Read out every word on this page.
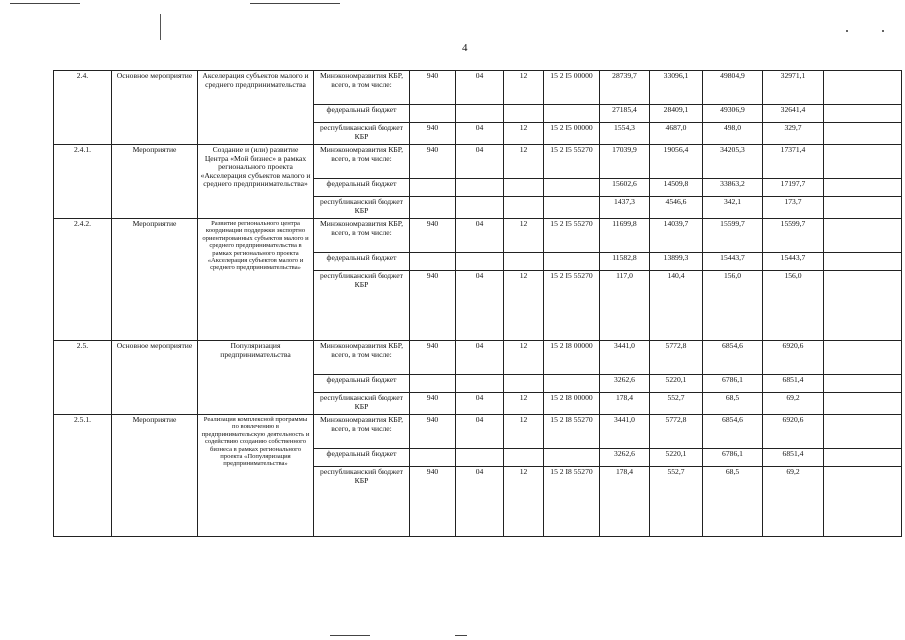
4
2.4.	Основное мероприятие	Акселерация субъектов малого и среднего предпринимательства	Минэкономразвития КБР, всего, в том числе:	940	04	12	15 2 I5 00000	28739,7	33096,1	49804,9	32971,1	
			федеральный бюджет					27185,4	28409,1	49306,9	32641,4	
			республиканский бюджет КБР	940	04	12	15 2 I5 00000	1554,3	4687,0	498,0	329,7	
2.4.1.	Мероприятие	Создание и (или) развитие Центра «Мой бизнес» в рамках регионального проекта «Акселерация субъектов малого и среднего предпринимательства»	Минэкономразвития КБР, всего, в том числе:	940	04	12	15 2 I5 55270	17039,9	19056,4	34205,3	17371,4	
			федеральный бюджет					15602,6	14509,8	33863,2	17197,7	
			республиканский бюджет КБР					1437,3	4546,6	342,1	173,7	
2.4.2.	Мероприятие	Развитие регионального центра координации поддержки экспортно ориентированных субъектов малого и среднего предпринимательства в рамках регионального проекта «Акселерация субъектов малого и среднего предпринимательства»	Минэкономразвития КБР, всего, в том числе:	940	04	12	15 2 I5 55270	11699,8	14039,7	15599,7	15599,7	
			федеральный бюджет					11582,8	13899,3	15443,7	15443,7	
			республиканский бюджет КБР	940	04	12	15 2 I5 55270	117,0	140,4	156,0	156,0	
2.5.	Основное мероприятие	Популяризация предпринимательства	Минэкономразвития КБР, всего, в том числе:	940	04	12	15 2 I8 00000	3441,0	5772,8	6854,6	6920,6	
			федеральный бюджет					3262,6	5220,1	6786,1	6851,4	
			республиканский бюджет КБР	940	04	12	15 2 I8 00000	178,4	552,7	68,5	69,2	
2.5.1.	Мероприятие	Реализация комплексной программы по вовлечению в предпринимательскую деятельность и содействию созданию собственного бизнеса в рамках регионального проекта «Популяризация предпринимательства»	Минэкономразвития КБР, всего, в том числе:	940	04	12	15 2 I8 55270	3441,0	5772,8	6854,6	6920,6	
			федеральный бюджет					3262,6	5220,1	6786,1	6851,4	
			республиканский бюджет КБР	940	04	12	15 2 I8 55270	178,4	552,7	68,5	69,2	
